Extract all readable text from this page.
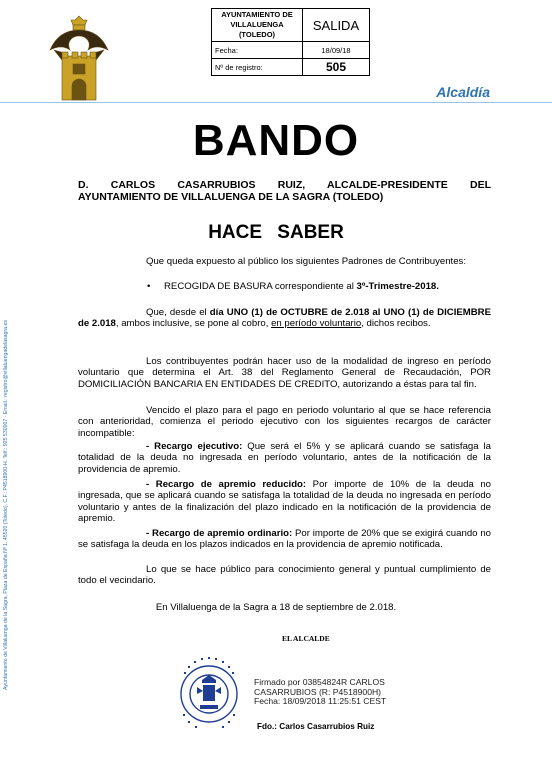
AYUNTAMIENTO DE VILLALUENGA (TOLEDO)	SALIDA
Fecha:	18/09/18
Nº de registro:	505
Alcaldía
Ayuntamiento de Villaluenga de la Sagra. Plaza de España Nº 1. 45520 (Toledo). C.F.: P4518900-H. Telf.: 925 530007 · Email.: registro@villaluengadelasagra.es
BANDO
D. CARLOS CASARRUBIOS RUIZ, ALCALDE-PRESIDENTE DEL
AYUNTAMIENTO DE VILLALUENGA DE LA SAGRA (TOLEDO)
HACE SABER
Que queda expuesto al público los siguientes Padrones de Contribuyentes:
• RECOGIDA DE BASURA correspondiente al 3º-Trimestre-2018.
Que, desde el día UNO (1) de OCTUBRE de 2.018 al UNO (1) de DICIEMBRE de 2.018, ambos inclusive, se pone al cobro, en período voluntario, dichos recibos.
Los contribuyentes podrán hacer uso de la modalidad de ingreso en período voluntario que determina el Art. 38 del Reglamento General de Recaudación, POR DOMICILIACIÓN BANCARIA EN ENTIDADES DE CREDITO, autorizando a éstas para tal fin.
Vencido el plazo para el pago en periodo voluntario al que se hace referencia con anterioridad, comienza el periodo ejecutivo con los siguientes recargos de carácter incompatible:
- Recargo ejecutivo: Que será el 5% y se aplicará cuando se satisfaga la totalidad de la deuda no ingresada en período voluntario, antes de la notificación de la providencia de apremio.
- Recargo de apremio reducido: Por importe de 10% de la deuda no ingresada, que se aplicará cuando se satisfaga la totalidad de la deuda no ingresada en período voluntario y antes de la finalización del plazo indicado en la notificación de la providencia de apremio.
- Recargo de apremio ordinario: Por importe de 20% que se exigirá cuando no se satisfaga la deuda en los plazos indicados en la providencia de apremio notificada.
Lo que se hace público para conocimiento general y puntual cumplimiento de todo el vecindario.
En Villaluenga de la Sagra a 18 de septiembre de 2.018.
EL ALCALDE
Firmado por 03854824R CARLOS
CASARRUBIOS (R: P4518900H)
Fecha: 18/09/2018 11:25:51 CEST
Fdo.: Carlos Casarrubios Ruiz
